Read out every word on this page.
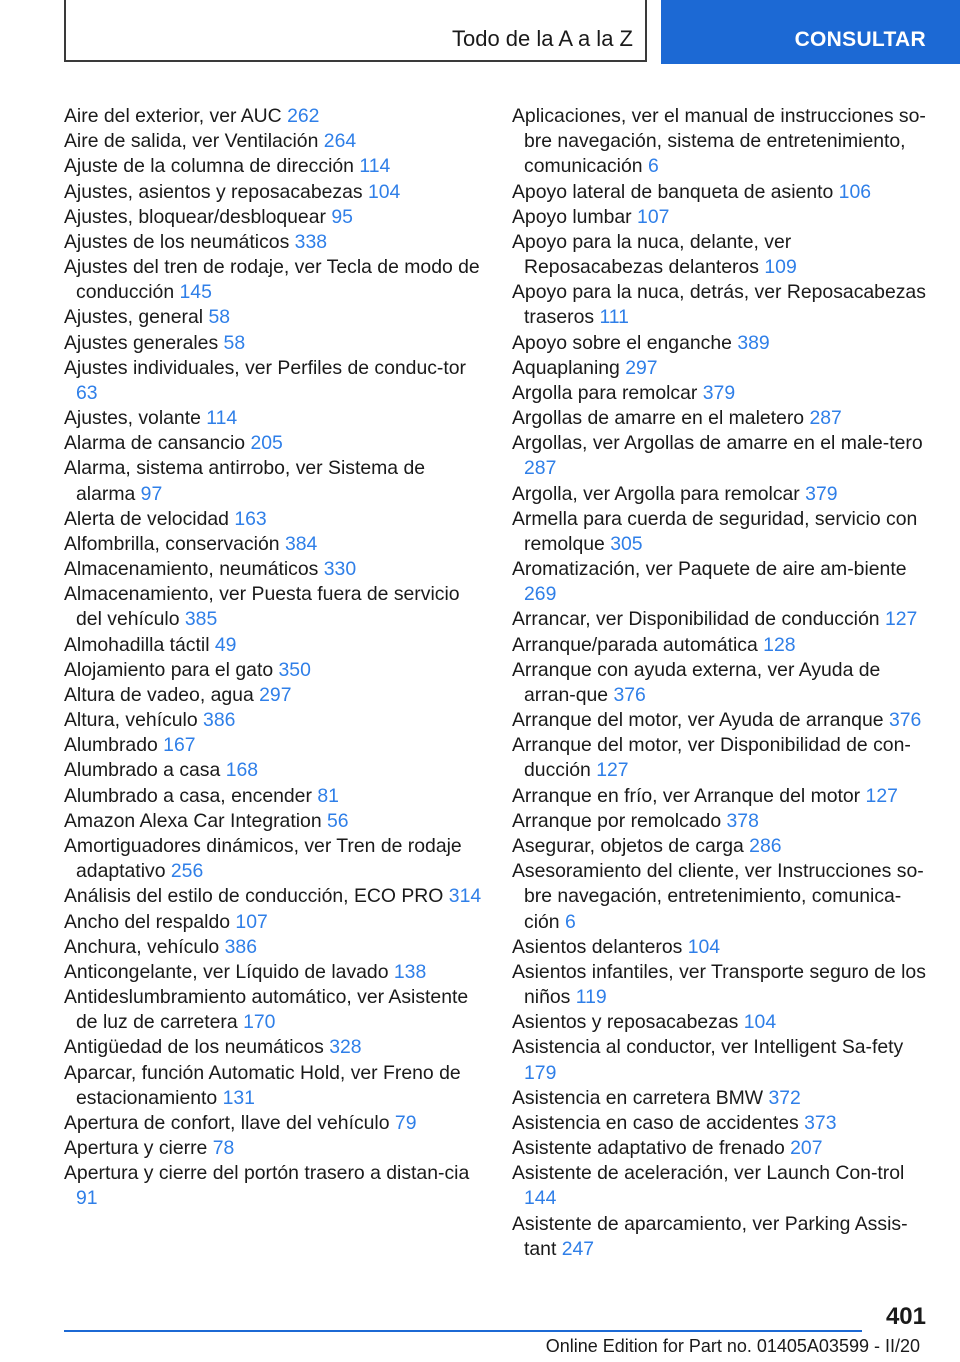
Todo de la A a la Z	CONSULTAR
Aire del exterior, ver AUC 262
Aire de salida, ver Ventilación 264
Ajuste de la columna de dirección 114
Ajustes, asientos y reposacabezas 104
Ajustes, bloquear/desbloquear 95
Ajustes de los neumáticos 338
Ajustes del tren de rodaje, ver Tecla de modo de conducción 145
Ajustes, general 58
Ajustes generales 58
Ajustes individuales, ver Perfiles de conduc‐tor 63
Ajustes, volante 114
Alarma de cansancio 205
Alarma, sistema antirrobo, ver Sistema de alarma 97
Alerta de velocidad 163
Alfombrilla, conservación 384
Almacenamiento, neumáticos 330
Almacenamiento, ver Puesta fuera de servicio del vehículo 385
Almohadilla táctil 49
Alojamiento para el gato 350
Altura de vadeo, agua 297
Altura, vehículo 386
Alumbrado 167
Alumbrado a casa 168
Alumbrado a casa, encender 81
Amazon Alexa Car Integration 56
Amortiguadores dinámicos, ver Tren de rodaje adaptativo 256
Análisis del estilo de conducción, ECO PRO 314
Ancho del respaldo 107
Anchura, vehículo 386
Anticongelante, ver Líquido de lavado 138
Antideslumbramiento automático, ver Asistente de luz de carretera 170
Antigüedad de los neumáticos 328
Aparcar, función Automatic Hold, ver Freno de estacionamiento 131
Apertura de confort, llave del vehículo 79
Apertura y cierre 78
Apertura y cierre del portón trasero a distan‐cia 91
Aplicaciones, ver el manual de instrucciones so‐bre navegación, sistema de entretenimiento, comunicación 6
Apoyo lateral de banqueta de asiento 106
Apoyo lumbar 107
Apoyo para la nuca, delante, ver Reposacabezas delanteros 109
Apoyo para la nuca, detrás, ver Reposacabezas traseros 111
Apoyo sobre el enganche 389
Aquaplaning 297
Argolla para remolcar 379
Argollas de amarre en el maletero 287
Argollas, ver Argollas de amarre en el male‐tero 287
Argolla, ver Argolla para remolcar 379
Armella para cuerda de seguridad, servicio con remolque 305
Aromatización, ver Paquete de aire am‐biente 269
Arrancar, ver Disponibilidad de conducción 127
Arranque/parada automática 128
Arranque con ayuda externa, ver Ayuda de arran‐que 376
Arranque del motor, ver Ayuda de arranque 376
Arranque del motor, ver Disponibilidad de con‐ducción 127
Arranque en frío, ver Arranque del motor 127
Arranque por remolcado 378
Asegurar, objetos de carga 286
Asesoramiento del cliente, ver Instrucciones so‐bre navegación, entretenimiento, comunica‐ción 6
Asientos delanteros 104
Asientos infantiles, ver Transporte seguro de los niños 119
Asientos y reposacabezas 104
Asistencia al conductor, ver Intelligent Sa‐fety 179
Asistencia en carretera BMW 372
Asistencia en caso de accidentes 373
Asistente adaptativo de frenado 207
Asistente de aceleración, ver Launch Con‐trol 144
Asistente de aparcamiento, ver Parking Assis‐tant 247
401
Online Edition for Part no. 01405A03599 - II/20
